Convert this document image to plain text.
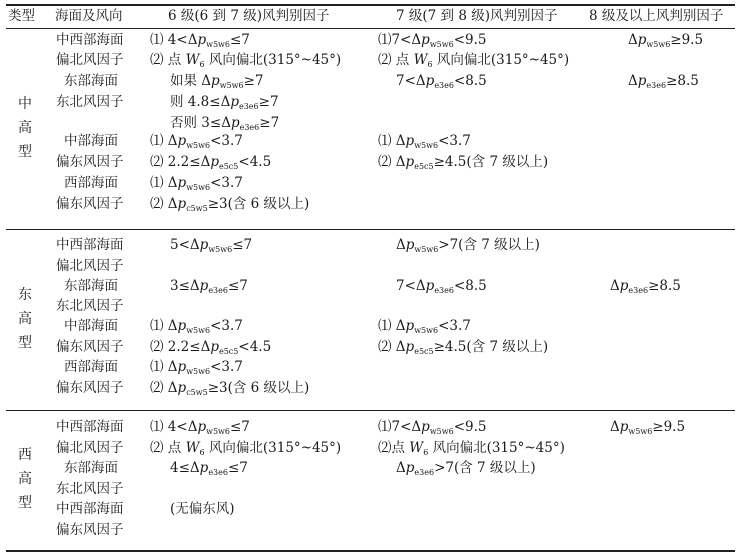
类型 海面及风向	6 级(6 到 7 级)风判别因子	7 级(7 到 8 级)风判别因子 8 级及以上风判别因子
中
高
型
东
高
型
西
高
型
中西部海面
偏北风因子
东部海面
东北风因子
中部海面
偏东风因子
西部海面
偏东风因子
⑴ $4<\Delta p_{w5w6}\le 7$
⑵ 点 $W_6$ 风向偏北(315°~45°)
如果 $\Delta p_{w5w6}\ge 7$
则 $4.8\le\Delta p_{e3e6}\ge 7$
否则 $3\le\Delta p_{e3e6}\ge 7$
⑴ $\Delta p_{w5w6}<3.7$
⑵ $2.2\le\Delta p_{e5c5}<4.5$
⑴ $\Delta p_{w5w6}<3.7$
⑵ $\Delta p_{c5w5}\ge 3$(含 6 级以上)
$⑴7<\Delta p_{w5w6}<9.5$
⑵ 点 $W_6$ 风向偏北(315°~45°)
$7<\Delta p_{e3e6}<8.5$
⑴ $\Delta p_{w5w6}<3.7$
⑵ $\Delta p_{e5c5}\ge 4.5$(含 7 级以上)
$\Delta p_{w5w6}\ge 9.5$
$\Delta p_{e3e6}\ge 8.5$
中西部海面
偏北风因子
东部海面
东北风因子
中部海面
偏东风因子
西部海面
偏东风因子
$5<\Delta p_{w5w6}\le 7$
$3\le\Delta p_{e3e6}\le 7$
⑴ $\Delta p_{w5w6}<3.7$
⑵ $2.2\le\Delta p_{e5c5}<4.5$
⑴ $\Delta p_{w5w6}<3.7$
⑵ $\Delta p_{c5w5}\ge 3$(含 6 级以上)
$\Delta p_{w5w6}>7$(含 7 级以上)
$7<\Delta p_{e3e6}<8.5$
⑴ $\Delta p_{w5w6}<3.7$
⑵ $\Delta p_{e5c5}\ge 4.5$(含 7 级以上)
$\Delta p_{e3e6}\ge 8.5$
中西部海面
偏北风因子
东部海面
东北风因子
中西部海面
偏东风因子
⑴ $4<\Delta p_{w5w6}\le 7$
⑵ 点 $W_6$ 风向偏北(315°~45°)
$4\le\Delta p_{e3e6}\le 7$
(无偏东风)
$⑴7<\Delta p_{w5w6}<9.5$
⑵点 $W_6$ 风向偏北(315°~45°)
$\Delta p_{e3e6}>7$(含 7 级以上)
$\Delta p_{w5w6}\ge 9.5$
